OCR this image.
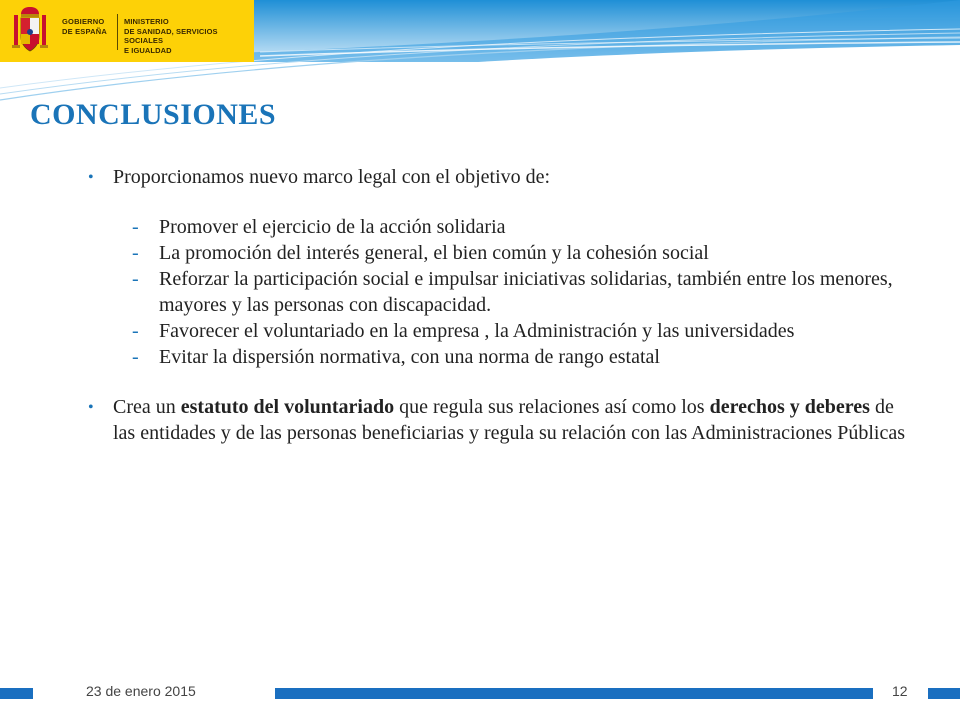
GOBIERNO
DE ESPAÑA
MINISTERIO
DE SANIDAD, SERVICIOS SOCIALES
E IGUALDAD
CONCLUSIONES
• Proporcionamos nuevo marco legal con el objetivo de:
- Promover el ejercicio de la acción solidaria
- La promoción del interés general, el bien común y la cohesión social
- Reforzar la participación social e impulsar iniciativas solidarias, también entre los menores, mayores y las personas con discapacidad.
- Favorecer el voluntariado en la empresa , la Administración y las universidades
- Evitar la dispersión normativa, con una norma de rango estatal
• Crea un estatuto del voluntariado que regula sus relaciones así como los derechos y deberes de las entidades y de las personas beneficiarias y regula su relación con las Administraciones Públicas
23 de enero 2015	12
